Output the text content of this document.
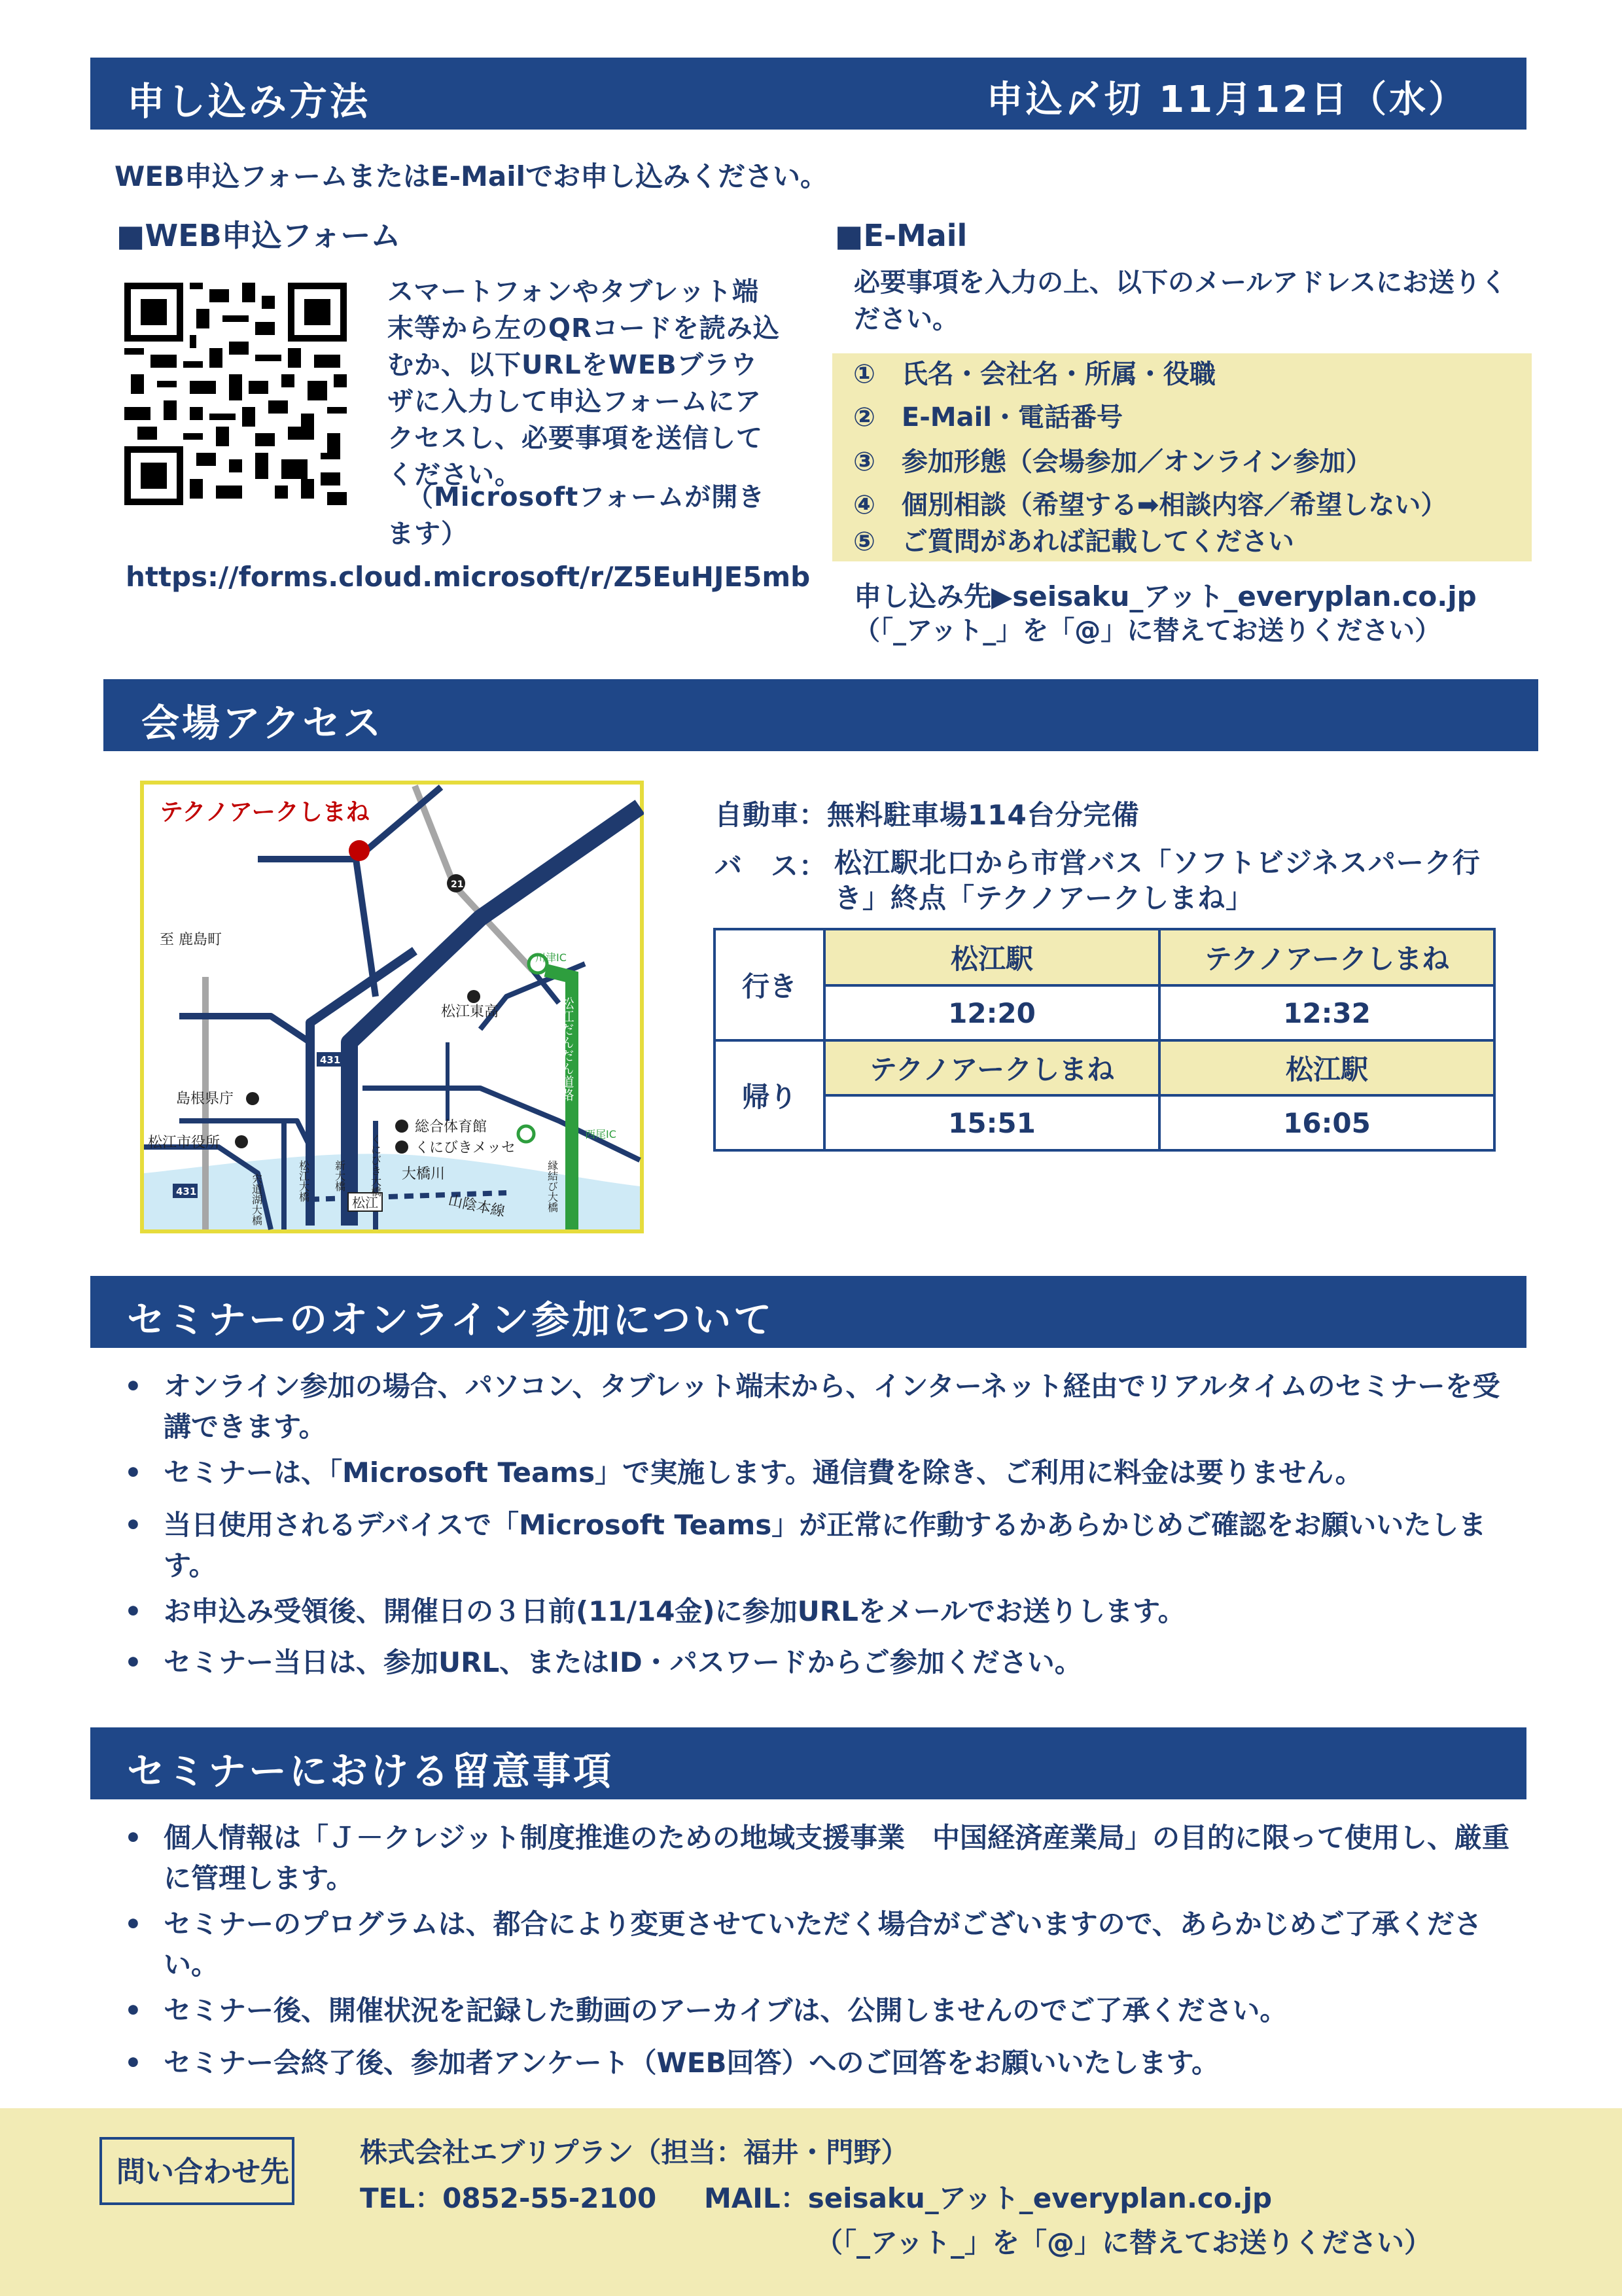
申し込み方法	申込〆切 11月12日（水）
WEB申込フォームまたはE-Mailでお申し込みください。
■WEB申込フォーム
スマートフォンやタブレット端末等から左のQRコードを読み込むか、以下URLをWEBブラウザに入力して申込フォームにアクセスし、必要事項を送信してください。
（Microsoftフォームが開きます）
https://forms.cloud.microsoft/r/Z5EuHJE5mb
■E-Mail
必要事項を入力の上、以下のメールアドレスにお送りください。
①　氏名・会社名・所属・役職
②　E-Mail・電話番号
③　参加形態（会場参加／オンライン参加）
④　個別相談（希望する➡相談内容／希望しない）
⑤　ご質問があれば記載してください
申し込み先▶seisaku_アット_everyplan.co.jp
（「_アット_」を「@」に替えてお送りください）
会場アクセス
テクノアークしまね
至 鹿島町
松江東高
島根県庁
松江市役所
総合体育館
くにびきメッセ
大橋川
山陰本線
松江
川津IC
西尾IC
松江だんだん道路
縁結び大橋
宍道湖大橋	松江大橋 新大橋 くにびき大橋
21
431
431
自動車：無料駐車場114台分完備
バ　ス： 松江駅北口から市営バス「ソフトビジネスパーク行き」終点「テクノアークしまね」
行き	松江駅	テクノアークしまね
	12:20	12:32
帰り	テクノアークしまね	松江駅
	15:51	16:05
セミナーのオンライン参加について
• オンライン参加の場合、パソコン、タブレット端末から、インターネット経由でリアルタイムのセミナーを受講できます。
• セミナーは、「Microsoft Teams」で実施します。通信費を除き、ご利用に料金は要りません。
• 当日使用されるデバイスで「Microsoft Teams」が正常に作動するかあらかじめご確認をお願いいたします。
• お申込み受領後、開催日の３日前(11/14金)に参加URLをメールでお送りします。
• セミナー当日は、参加URL、またはID・パスワードからご参加ください。
セミナーにおける留意事項
• 個人情報は「Ｊ－クレジット制度推進のための地域支援事業　中国経済産業局」の目的に限って使用し、厳重に管理します。
• セミナーのプログラムは、都合により変更させていただく場合がございますので、あらかじめご了承ください。
• セミナー後、開催状況を記録した動画のアーカイブは、公開しませんのでご了承ください。
• セミナー会終了後、参加者アンケート（WEB回答）へのご回答をお願いいたします。
問い合わせ先
株式会社エブリプラン（担当：福井・門野）
TEL：0852-55-2100 MAIL：seisaku_アット_everyplan.co.jp
（「_アット_」を「@」に替えてお送りください）
